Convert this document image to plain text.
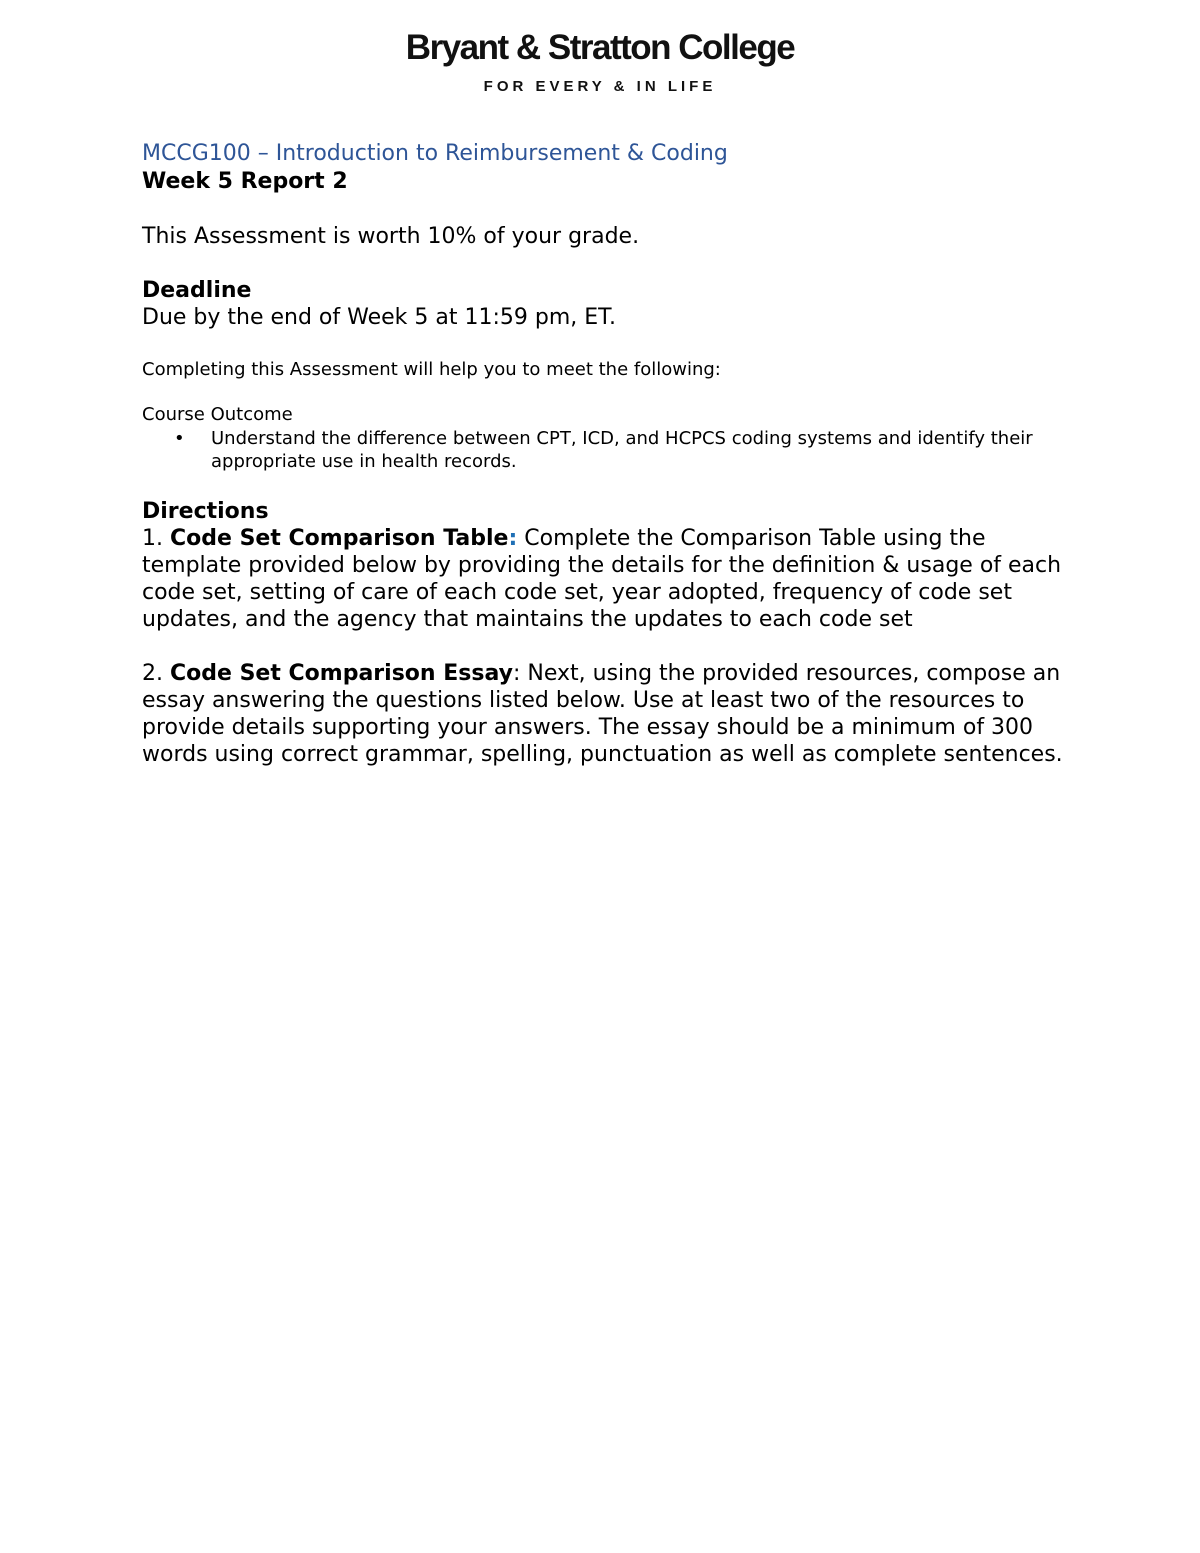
Bryant & Stratton College
FOR EVERY & IN LIFE

MCCG100 – Introduction to Reimbursement & Coding

Week 5 Report 2

This Assessment is worth 10% of your grade.

Deadline

Due by the end of Week 5 at 11:59 pm, ET.

Completing this Assessment will help you to meet the following:

Course Outcome

• Understand the difference between CPT, ICD, and HCPCS coding systems and identify their appropriate use in health records.

Directions

1. Code Set Comparison Table: Complete the Comparison Table using the template provided below by providing the details for the definition & usage of each code set, setting of care of each code set, year adopted, frequency of code set updates, and the agency that maintains the updates to each code set

2. Code Set Comparison Essay: Next, using the provided resources, compose an essay answering the questions listed below. Use at least two of the resources to provide details supporting your answers. The essay should be a minimum of 300 words using correct grammar, spelling, punctuation as well as complete sentences.
